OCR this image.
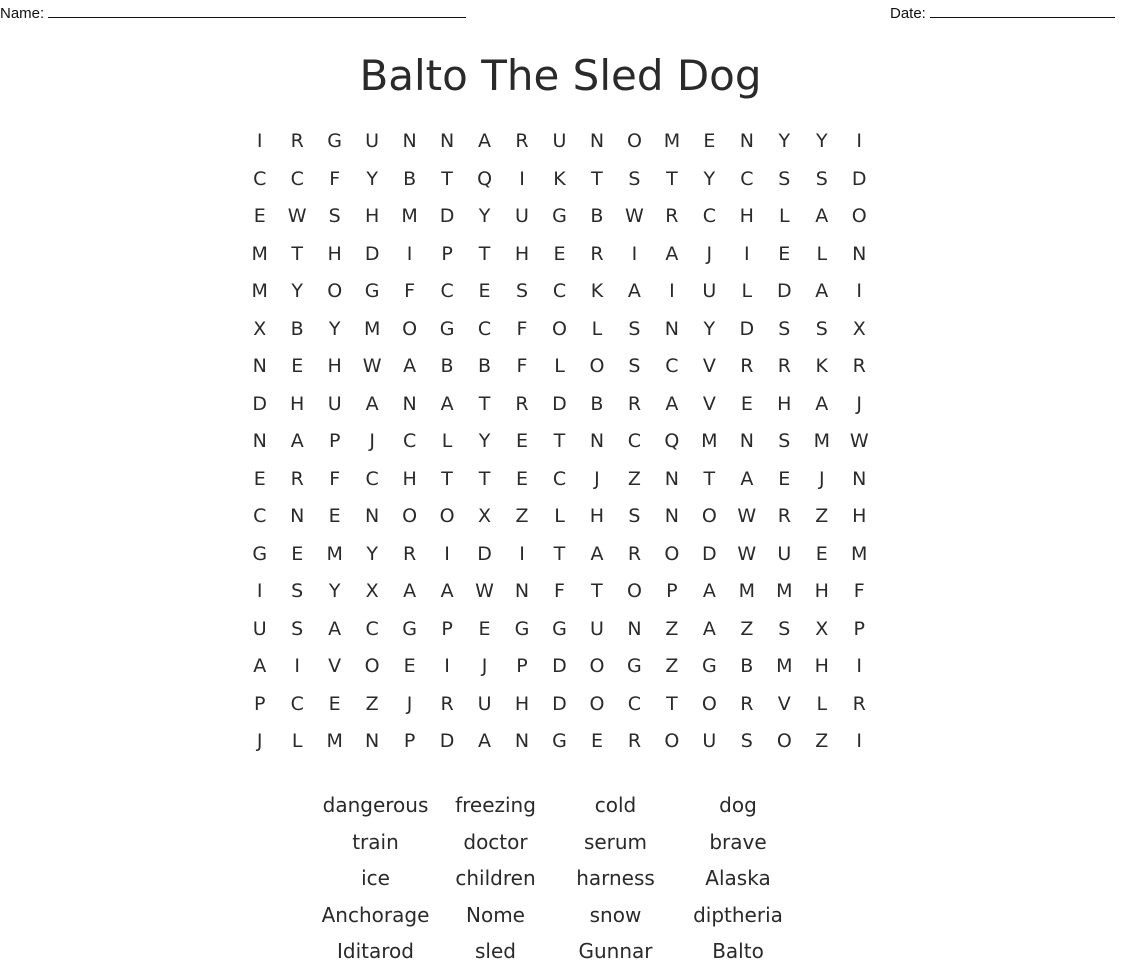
Name:	Date:
Balto The Sled Dog
I	R	G	U	N	N	A	R	U	N	O	M	E	N	Y	Y	I
C	C	F	Y	B	T	Q	I	K	T	S	T	Y	C	S	S	D
E	W	S	H	M	D	Y	U	G	B	W	R	C	H	L	A	O
M	T	H	D	I	P	T	H	E	R	I	A	J	I	E	L	N
M	Y	O	G	F	C	E	S	C	K	A	I	U	L	D	A	I
X	B	Y	M	O	G	C	F	O	L	S	N	Y	D	S	S	X
N	E	H	W	A	B	B	F	L	O	S	C	V	R	R	K	R
D	H	U	A	N	A	T	R	D	B	R	A	V	E	H	A	J
N	A	P	J	C	L	Y	E	T	N	C	Q	M	N	S	M	W
E	R	F	C	H	T	T	E	C	J	Z	N	T	A	E	J	N
C	N	E	N	O	O	X	Z	L	H	S	N	O	W	R	Z	H
G	E	M	Y	R	I	D	I	T	A	R	O	D	W	U	E	M
I	S	Y	X	A	A	W	N	F	T	O	P	A	M	M	H	F
U	S	A	C	G	P	E	G	G	U	N	Z	A	Z	S	X	P
A	I	V	O	E	I	J	P	D	O	G	Z	G	B	M	H	I
P	C	E	Z	J	R	U	H	D	O	C	T	O	R	V	L	R
J	L	M	N	P	D	A	N	G	E	R	O	U	S	O	Z	I
dangerous	freezing	cold	dog
train	doctor	serum	brave
ice	children	harness	Alaska
Anchorage	Nome	snow	diptheria
Iditarod	sled	Gunnar	Balto
